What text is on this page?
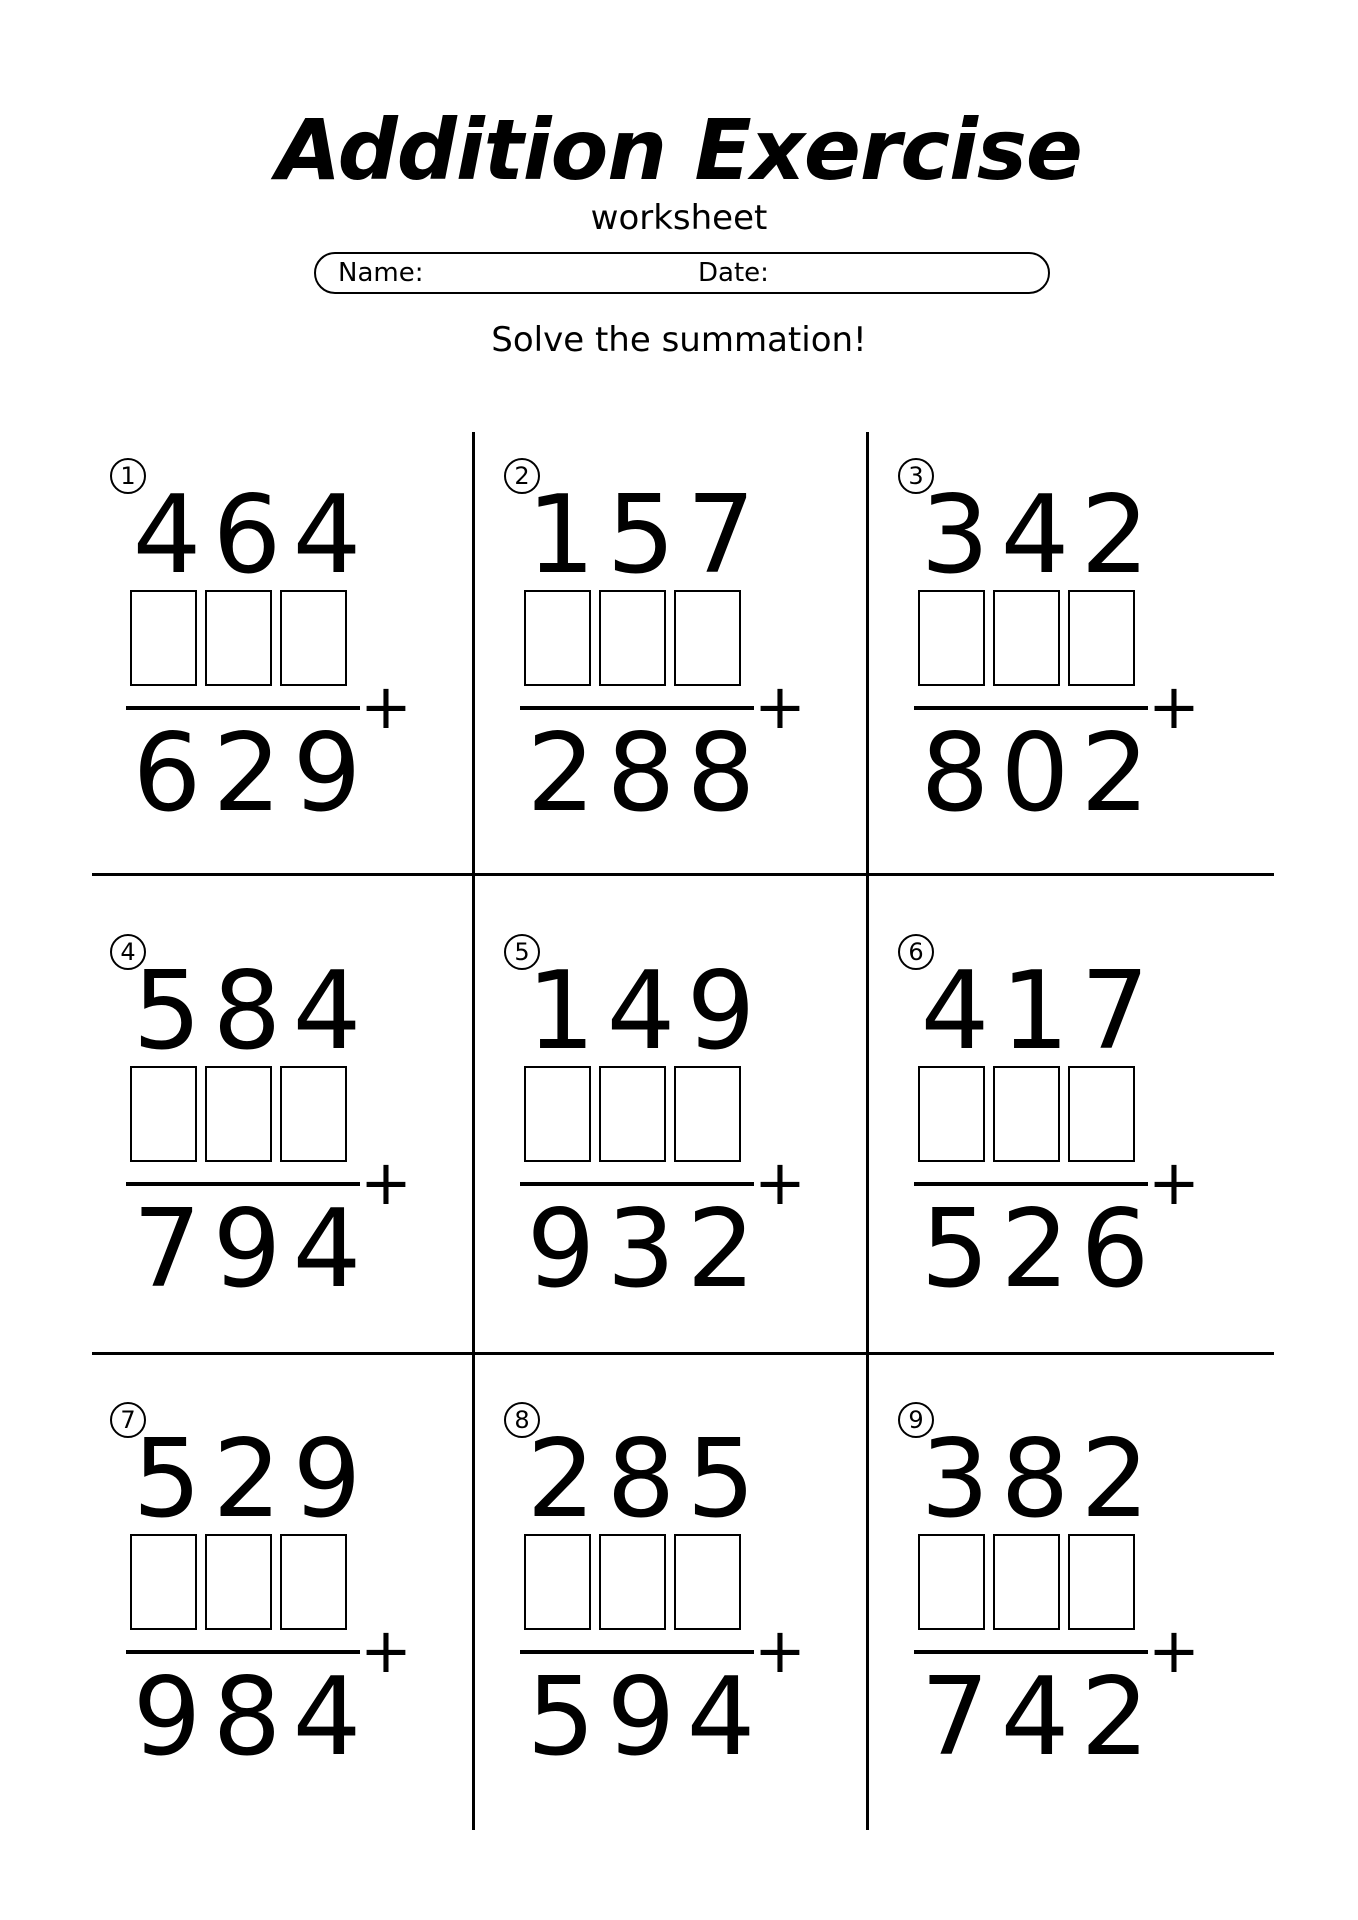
Addition Exercise
worksheet
Name:	Date:
Solve the summation!
1
4 6 4
+
6 2 9
2
1 5 7
+
2 8 8
3
3 4 2
+
8 0 2
4
5 8 4
+
7 9 4
5
1 4 9
+
9 3 2
6
4 1 7
+
5 2 6
7
5 2 9
+
9 8 4
8
2 8 5
+
5 9 4
9
3 8 2
+
7 4 2
